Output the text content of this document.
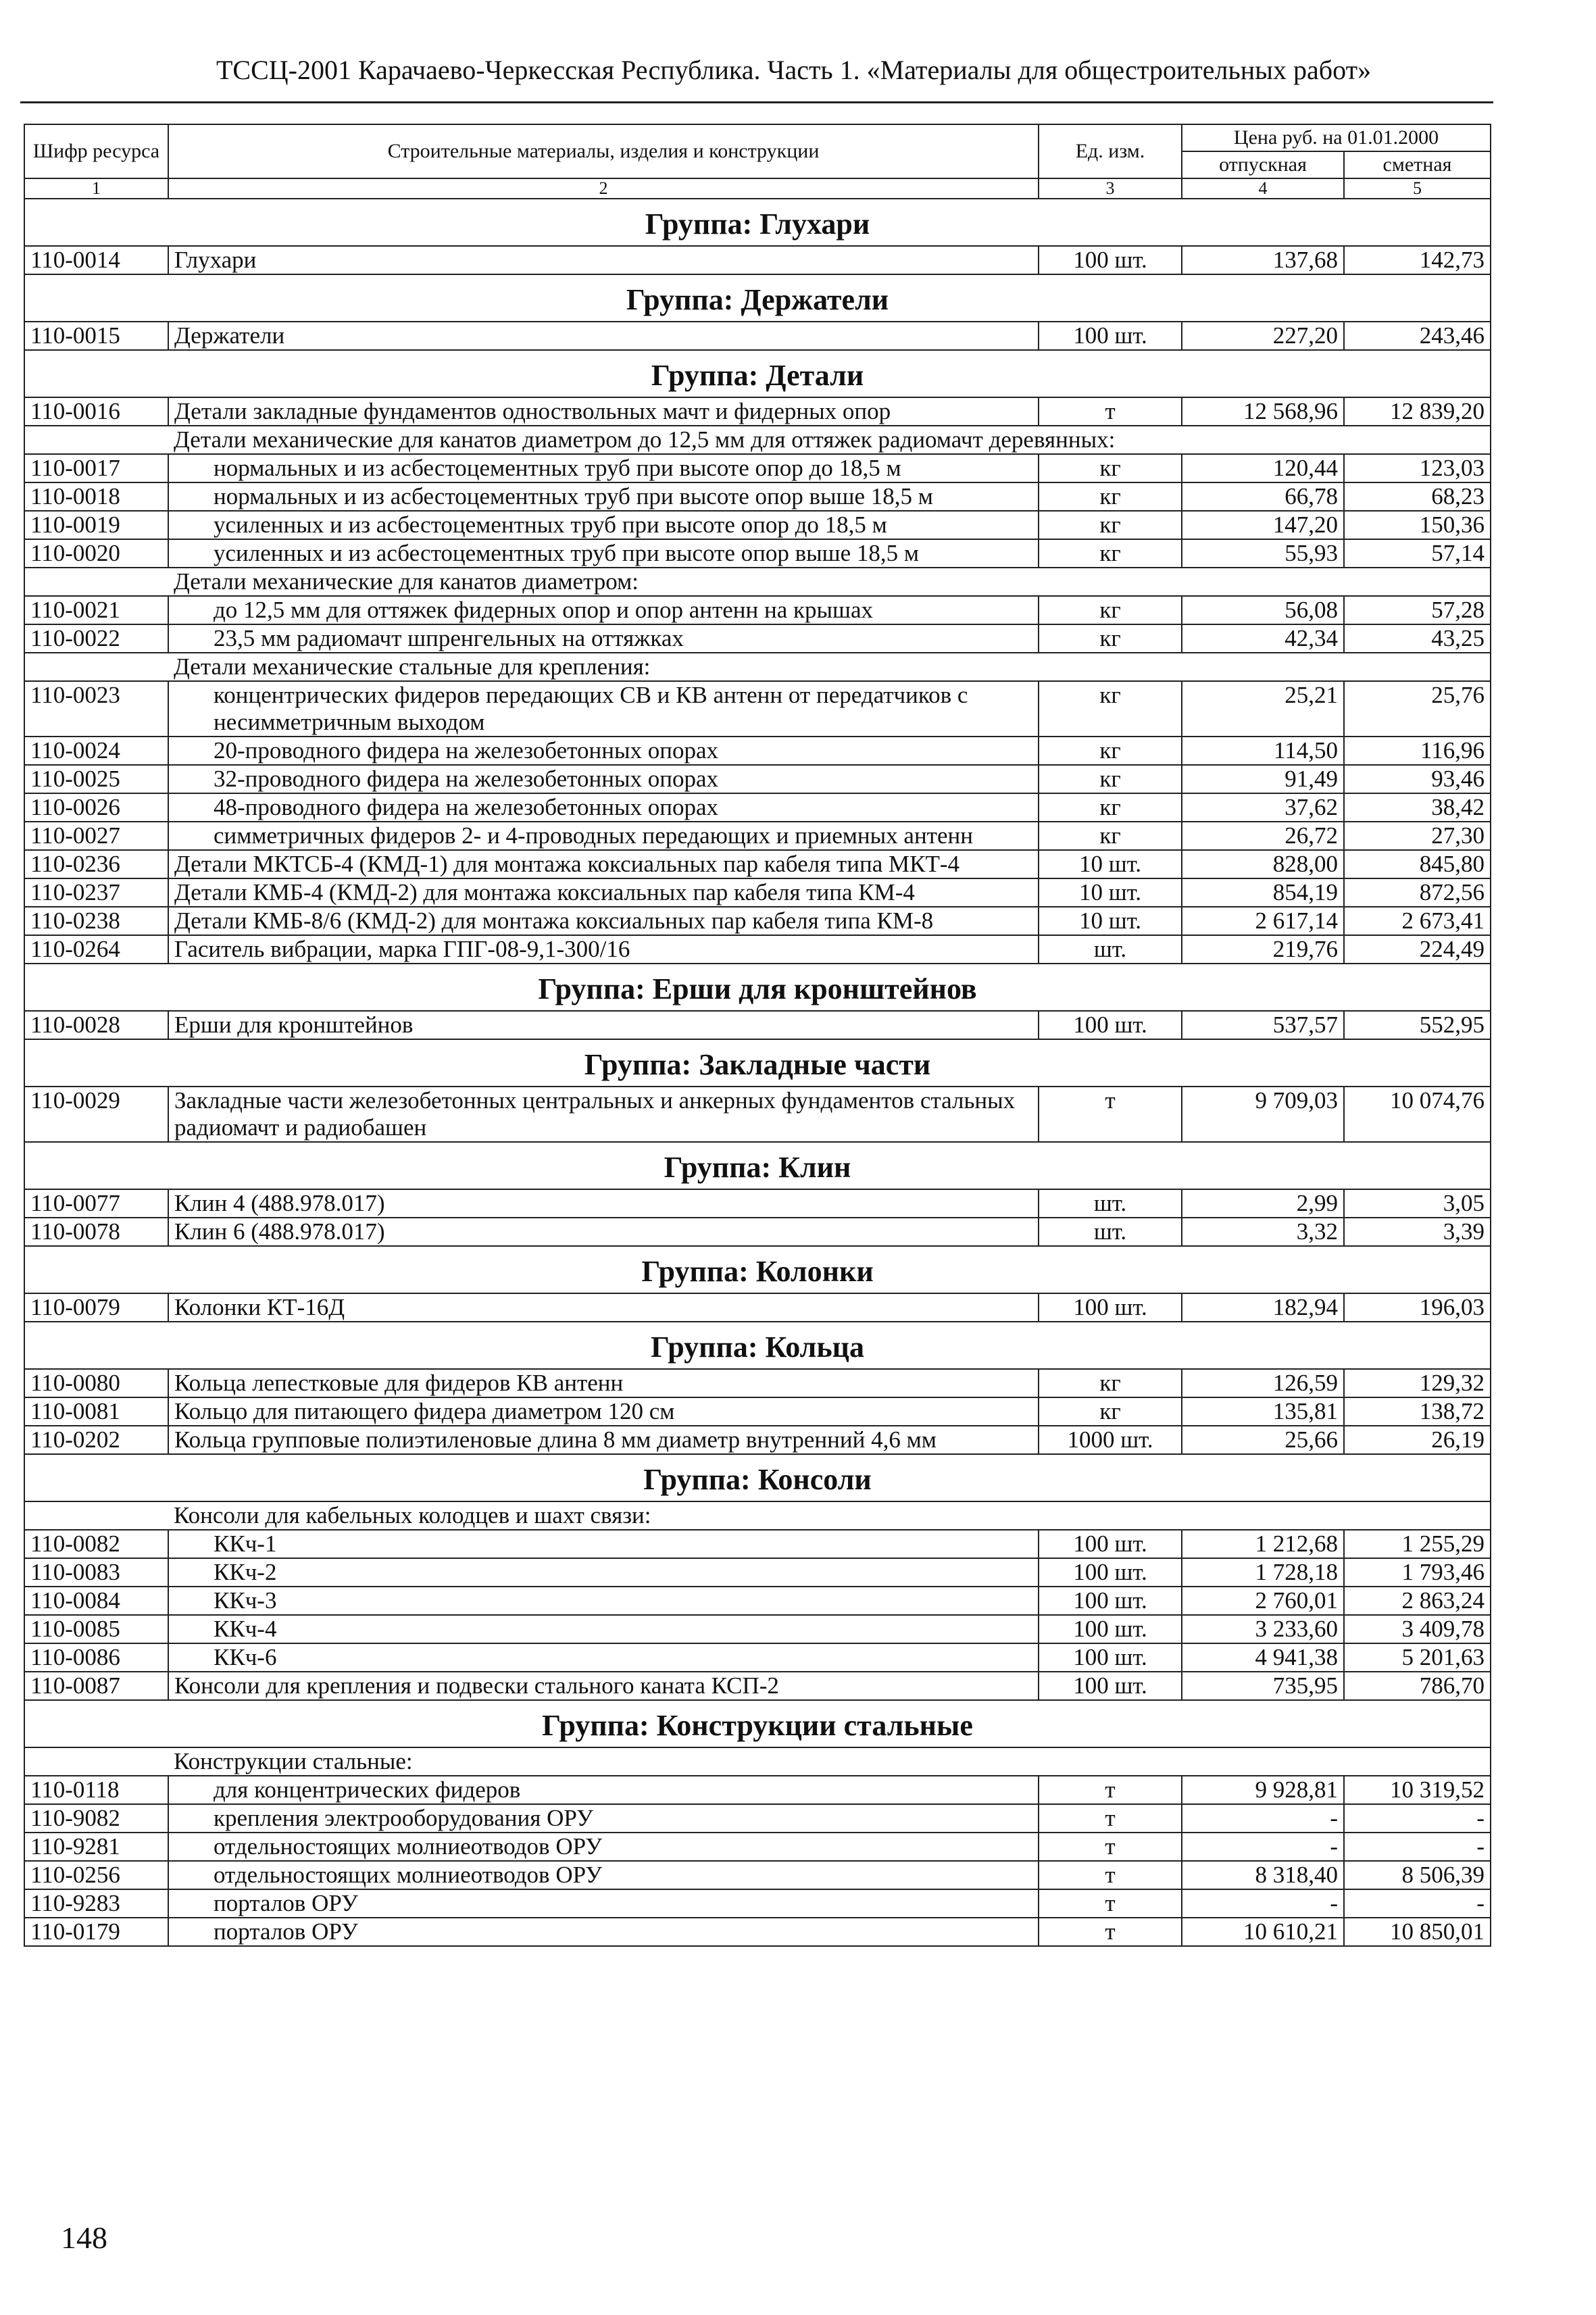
ТССЦ-2001 Карачаево-Черкесская Республика. Часть 1. «Материалы для общестроительных работ»
Шифр ресурса	Строительные материалы, изделия и конструкции	Ед. изм.	Цена руб. на 01.01.2000	
			отпускная	сметная
1	2	3	4	5
Группа: Глухари				
110-0014	Глухари	100 шт.	137,68	142,73
Группа: Держатели				
110-0015	Держатели	100 шт.	227,20	243,46
Группа: Детали				
110-0016	Детали закладные фундаментов одноствольных мачт и фидерных опор	т	12 568,96	12 839,20
	Детали механические для канатов диаметром до 12,5 мм для оттяжек радиомачт деревянных:			
110-0017	нормальных и из асбестоцементных труб при высоте опор до 18,5 м	кг	120,44	123,03
110-0018	нормальных и из асбестоцементных труб при высоте опор выше 18,5 м	кг	66,78	68,23
110-0019	усиленных и из асбестоцементных труб при высоте опор до 18,5 м	кг	147,20	150,36
110-0020	усиленных и из асбестоцементных труб при высоте опор выше 18,5 м	кг	55,93	57,14
	Детали механические для канатов диаметром:			
110-0021	до 12,5 мм для оттяжек фидерных опор и опор антенн на крышах	кг	56,08	57,28
110-0022	23,5 мм радиомачт шпренгельных на оттяжках	кг	42,34	43,25
	Детали механические стальные для крепления:			
110-0023	концентрических фидеров передающих СВ и КВ антенн от передатчиков с несимметричным выходом	кг	25,21	25,76
110-0024	20-проводного фидера на железобетонных опорах	кг	114,50	116,96
110-0025	32-проводного фидера на железобетонных опорах	кг	91,49	93,46
110-0026	48-проводного фидера на железобетонных опорах	кг	37,62	38,42
110-0027	симметричных фидеров 2- и 4-проводных передающих и приемных антенн	кг	26,72	27,30
110-0236	Детали МКТСБ-4 (КМД-1) для монтажа коксиальных пар кабеля типа МКТ-4	10 шт.	828,00	845,80
110-0237	Детали КМБ-4 (КМД-2) для монтажа коксиальных пар кабеля типа КМ-4	10 шт.	854,19	872,56
110-0238	Детали КМБ-8/6 (КМД-2) для монтажа коксиальных пар кабеля типа КМ-8	10 шт.	2 617,14	2 673,41
110-0264	Гаситель вибрации, марка ГПГ-08-9,1-300/16	шт.	219,76	224,49
Группа: Ерши для кронштейнов				
110-0028	Ерши для кронштейнов	100 шт.	537,57	552,95
Группа: Закладные части				
110-0029	Закладные части железобетонных центральных и анкерных фундаментов стальных радиомачт и радиобашен	т	9 709,03	10 074,76
Группа: Клин				
110-0077	Клин 4 (488.978.017)	шт.	2,99	3,05
110-0078	Клин 6 (488.978.017)	шт.	3,32	3,39
Группа: Колонки				
110-0079	Колонки КТ-16Д	100 шт.	182,94	196,03
Группа: Кольца				
110-0080	Кольца лепестковые для фидеров КВ антенн	кг	126,59	129,32
110-0081	Кольцо для питающего фидера диаметром 120 см	кг	135,81	138,72
110-0202	Кольца групповые полиэтиленовые длина 8 мм диаметр внутренний 4,6 мм	1000 шт.	25,66	26,19
Группа: Консоли				
	Консоли для кабельных колодцев и шахт связи:			
110-0082	ККч-1	100 шт.	1 212,68	1 255,29
110-0083	ККч-2	100 шт.	1 728,18	1 793,46
110-0084	ККч-3	100 шт.	2 760,01	2 863,24
110-0085	ККч-4	100 шт.	3 233,60	3 409,78
110-0086	ККч-6	100 шт.	4 941,38	5 201,63
110-0087	Консоли для крепления и подвески стального каната КСП-2	100 шт.	735,95	786,70
Группа: Конструкции стальные				
	Конструкции стальные:			
110-0118	для концентрических фидеров	т	9 928,81	10 319,52
110-9082	крепления электрооборудования ОРУ	т	-	-
110-9281	отдельностоящих молниеотводов ОРУ	т	-	-
110-0256	отдельностоящих молниеотводов ОРУ	т	8 318,40	8 506,39
110-9283	порталов ОРУ	т	-	-
110-0179	порталов ОРУ	т	10 610,21	10 850,01
148
